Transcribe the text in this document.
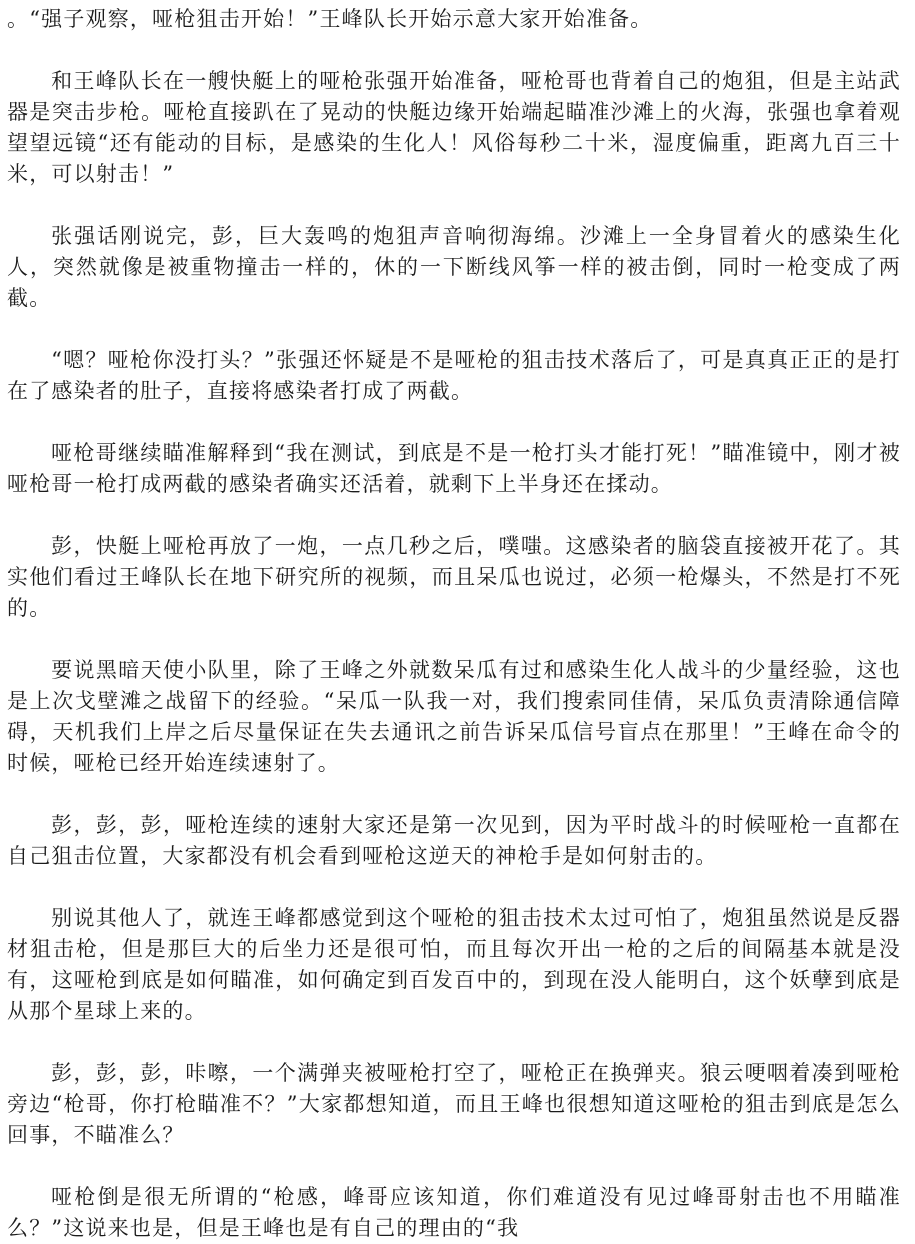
。“强子观察，哑枪狙击开始！”王峰队长开始示意大家开始准备。

和王峰队长在一艘快艇上的哑枪张强开始准备，哑枪哥也背着自己的炮狙，但是主站武器是突击步枪。哑枪直接趴在了晃动的快艇边缘开始端起瞄准沙滩上的火海，张强也拿着观望望远镜“还有能动的目标，是感染的生化人！风俗每秒二十米，湿度偏重，距离九百三十米，可以射击！”

张强话刚说完，彭，巨大轰鸣的炮狙声音响彻海绵。沙滩上一全身冒着火的感染生化人，突然就像是被重物撞击一样的，休的一下断线风筝一样的被击倒，同时一枪变成了两截。

“嗯？哑枪你没打头？”张强还怀疑是不是哑枪的狙击技术落后了，可是真真正正的是打在了感染者的肚子，直接将感染者打成了两截。

哑枪哥继续瞄准解释到“我在测试，到底是不是一枪打头才能打死！”瞄准镜中，刚才被哑枪哥一枪打成两截的感染者确实还活着，就剩下上半身还在揉动。

彭，快艇上哑枪再放了一炮，一点几秒之后，噗嗤。这感染者的脑袋直接被开花了。其实他们看过王峰队长在地下研究所的视频，而且呆瓜也说过，必须一枪爆头，不然是打不死的。

要说黑暗天使小队里，除了王峰之外就数呆瓜有过和感染生化人战斗的少量经验，这也是上次戈壁滩之战留下的经验。“呆瓜一队我一对，我们搜索同佳倩，呆瓜负责清除通信障碍，天机我们上岸之后尽量保证在失去通讯之前告诉呆瓜信号盲点在那里！”王峰在命令的时候，哑枪已经开始连续速射了。

彭，彭，彭，哑枪连续的速射大家还是第一次见到，因为平时战斗的时候哑枪一直都在自己狙击位置，大家都没有机会看到哑枪这逆天的神枪手是如何射击的。

别说其他人了，就连王峰都感觉到这个哑枪的狙击技术太过可怕了，炮狙虽然说是反器材狙击枪，但是那巨大的后坐力还是很可怕，而且每次开出一枪的之后的间隔基本就是没有，这哑枪到底是如何瞄准，如何确定到百发百中的，到现在没人能明白，这个妖孽到底是从那个星球上来的。

彭，彭，彭，咔嚓，一个满弹夹被哑枪打空了，哑枪正在换弹夹。狼云哽咽着凑到哑枪旁边“枪哥，你打枪瞄准不？”大家都想知道，而且王峰也很想知道这哑枪的狙击到底是怎么回事，不瞄准么？

哑枪倒是很无所谓的“枪感，峰哥应该知道，你们难道没有见过峰哥射击也不用瞄准么？”这说来也是，但是王峰也是有自己的理由的“我
